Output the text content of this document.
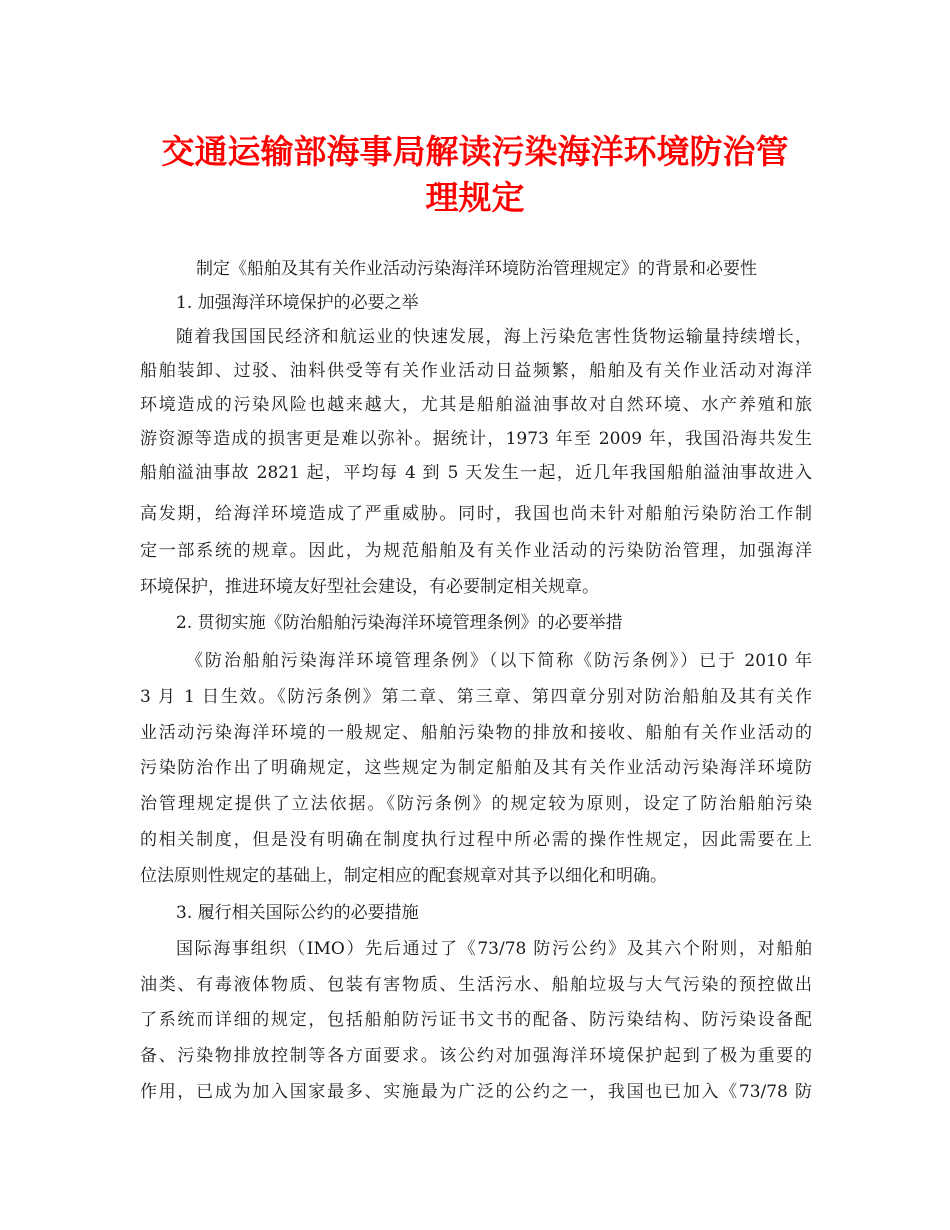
交通运输部海事局解读污染海洋环境防治管
理规定
制定《船舶及其有关作业活动污染海洋环境防治管理规定》的背景和必要性
1. 加强海洋环境保护的必要之举
随着我国国民经济和航运业的快速发展，海上污染危害性货物运输量持续增长，
船舶装卸、过驳、油料供受等有关作业活动日益频繁，船舶及有关作业活动对海洋
环境造成的污染风险也越来越大，尤其是船舶溢油事故对自然环境、水产养殖和旅
游资源等造成的损害更是难以弥补。据统计，1973 年至 2009 年，我国沿海共发生
船舶溢油事故 2821 起，平均每 4 到 5 天发生一起，近几年我国船舶溢油事故进入
高发期，给海洋环境造成了严重威胁。同时，我国也尚未针对船舶污染防治工作制
定一部系统的规章。因此，为规范船舶及有关作业活动的污染防治管理，加强海洋
环境保护，推进环境友好型社会建设，有必要制定相关规章。
2. 贯彻实施《防治船舶污染海洋环境管理条例》的必要举措
《防治船舶污染海洋环境管理条例》（以下简称《防污条例》）已于 2010 年
3 月 1 日生效。《防污条例》第二章、第三章、第四章分别对防治船舶及其有关作
业活动污染海洋环境的一般规定、船舶污染物的排放和接收、船舶有关作业活动的
污染防治作出了明确规定，这些规定为制定船舶及其有关作业活动污染海洋环境防
治管理规定提供了立法依据。《防污条例》的规定较为原则，设定了防治船舶污染
的相关制度，但是没有明确在制度执行过程中所必需的操作性规定，因此需要在上
位法原则性规定的基础上，制定相应的配套规章对其予以细化和明确。
3. 履行相关国际公约的必要措施
国际海事组织（IMO）先后通过了《73/78 防污公约》及其六个附则，对船舶
油类、有毒液体物质、包装有害物质、生活污水、船舶垃圾与大气污染的预控做出
了系统而详细的规定，包括船舶防污证书文书的配备、防污染结构、防污染设备配
备、污染物排放控制等各方面要求。该公约对加强海洋环境保护起到了极为重要的
作用，已成为加入国家最多、实施最为广泛的公约之一，我国也已加入《73/78 防
